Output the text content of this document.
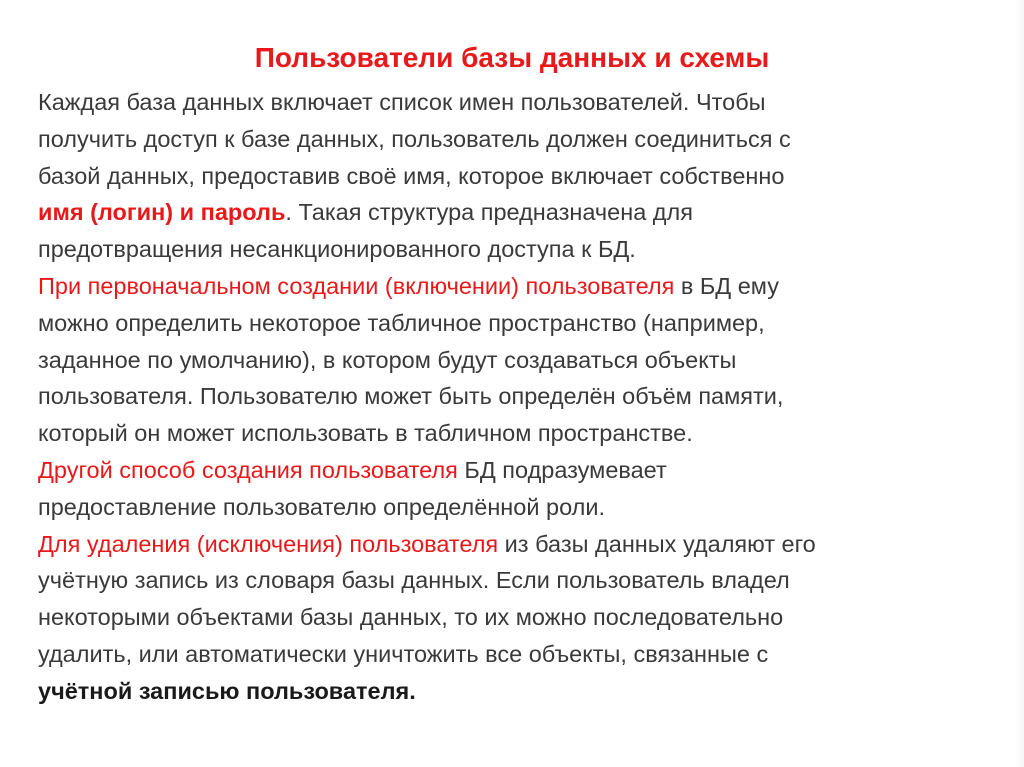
Пользователи базы данных и схемы

Каждая база данных включает список имен пользователей. Чтобы
получить доступ к базе данных, пользователь должен соединиться с
базой данных, предоставив своё имя, которое включает собственно
имя (логин) и пароль. Такая структура предназначена для
предотвращения несанкционированного доступа к БД.

При первоначальном создании (включении) пользователя в БД ему
можно определить некоторое табличное пространство (например,
заданное по умолчанию), в котором будут создаваться объекты
пользователя. Пользователю может быть определён объём памяти,
который он может использовать в табличном пространстве.

Другой способ создания пользователя БД подразумевает
предоставление пользователю определённой роли.

Для удаления (исключения) пользователя из базы данных удаляют его
учётную запись из словаря базы данных. Если пользователь владел
некоторыми объектами базы данных, то их можно последовательно
удалить, или автоматически уничтожить все объекты, связанные с
учётной записью пользователя.
